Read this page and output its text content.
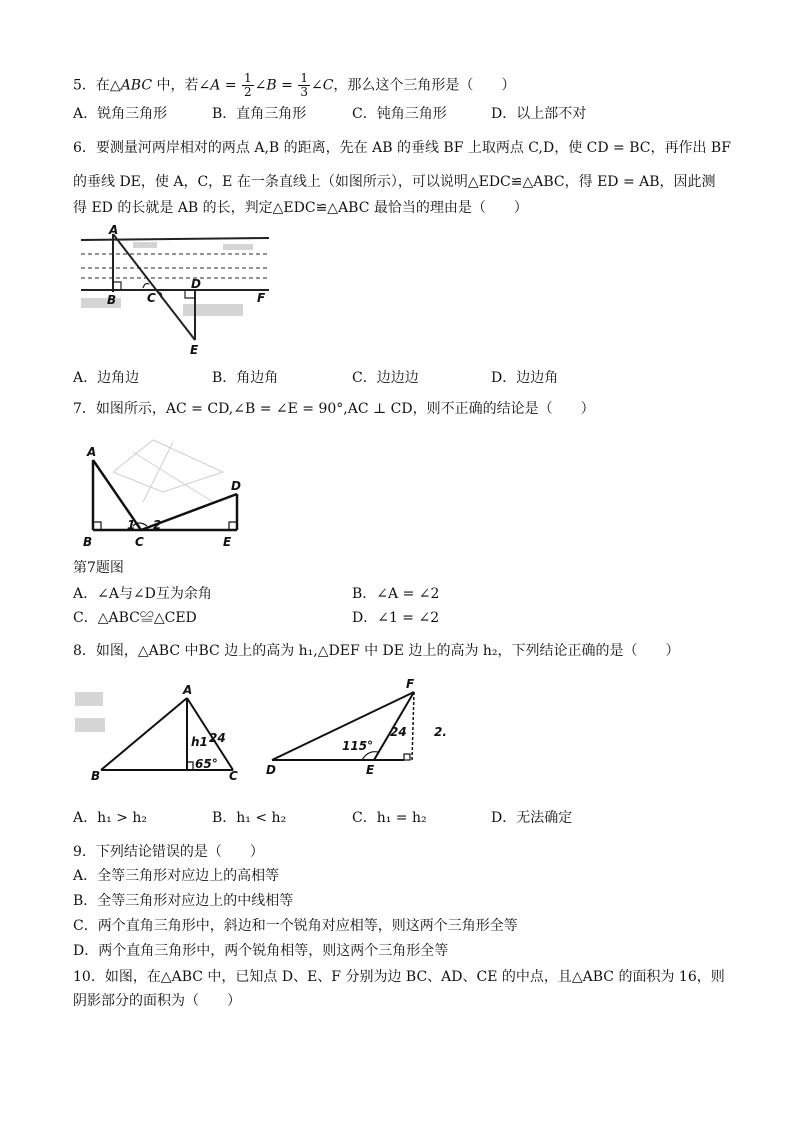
5．在△ABC 中，若∠A = $\frac{1}{2}$ ∠B = $\frac{1}{3}$ ∠C，那么这个三角形是（　　）
A．锐角三角形	B．直角三角形	C．钝角三角形	D．以上部不对
6．要测量河两岸相对的两点 A,B 的距离，先在 AB 的垂线 BF 上取两点 C,D，使 CD = BC，再作出 BF
的垂线 DE，使 A，C，E 在一条直线上（如图所示），可以说明△EDC≌△ABC，得 ED = AB，因此测
得 ED 的长就是 AB 的长，判定△EDC≌△ABC 最恰当的理由是（　　）
A
B	C
D
F
E
A．边角边	B．角边角	C．边边边	D．边边角
7．如图所示，AC = CD,∠B = ∠E = 90°,AC ⊥ CD，则不正确的结论是（　　）
A
B	C
D
E
1 2
第7题图
A．∠A与∠D互为余角	B．∠A = ∠2
C．△ABC≌△CED	D．∠1 = ∠2
8．如图，△ABC 中BC 边上的高为 h₁,△DEF 中 DE 边上的高为 h₂，下列结论正确的是（　　）
A
B	C
h1 24
65°
F
D	E
24
115°
2.
A．h₁ > h₂	B．h₁ < h₂	C．h₁ = h₂	D．无法确定
9．下列结论错误的是（　　）
A．全等三角形对应边上的高相等
B．全等三角形对应边上的中线相等
C．两个直角三角形中，斜边和一个锐角对应相等，则这两个三角形全等
D．两个直角三角形中，两个锐角相等，则这两个三角形全等
10．如图，在△ABC 中，已知点 D、E、F 分别为边 BC、AD、CE 的中点，且△ABC 的面积为 16，则
阴影部分的面积为（　　）
